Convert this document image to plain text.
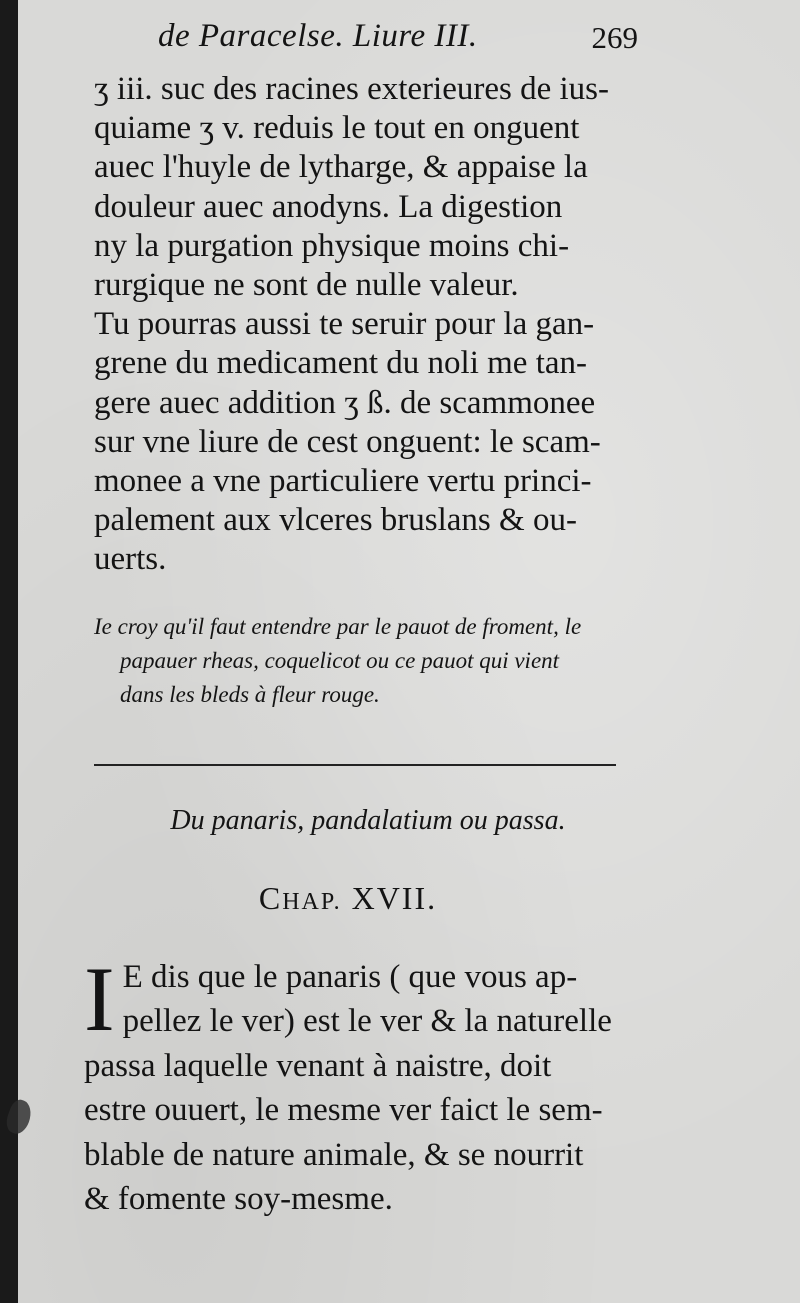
de Paracelse. Liure III.	269
ʒ iii. suc des racines exterieures de ius-
quiame ʒ v. reduis le tout en onguent
auec l'huyle de lytharge, & appaise la
douleur auec anodyns. La digestion
ny la purgation physique moins chi-
rurgique ne sont de nulle valeur.
Tu pourras aussi te seruir pour la gan-
grene du medicament du noli me tan-
gere auec addition ʒ ß. de scammonee
sur vne liure de cest onguent: le scam-
monee a vne particuliere vertu princi-
palement aux vlceres bruslans & ou-
uerts.
Ie croy qu'il faut entendre par le pauot de froment, le
papauer rheas, coquelicot ou ce pauot qui vient
dans les bleds à fleur rouge.
Du panaris, pandalatium ou passa.
CHAP. XVII.
I E dis que le panaris ( que vous ap-
pellez le ver) est le ver & la naturelle
passa laquelle venant à naistre, doit
estre ouuert, le mesme ver faict le sem-
blable de nature animale, & se nourrit
& fomente soy-mesme.
